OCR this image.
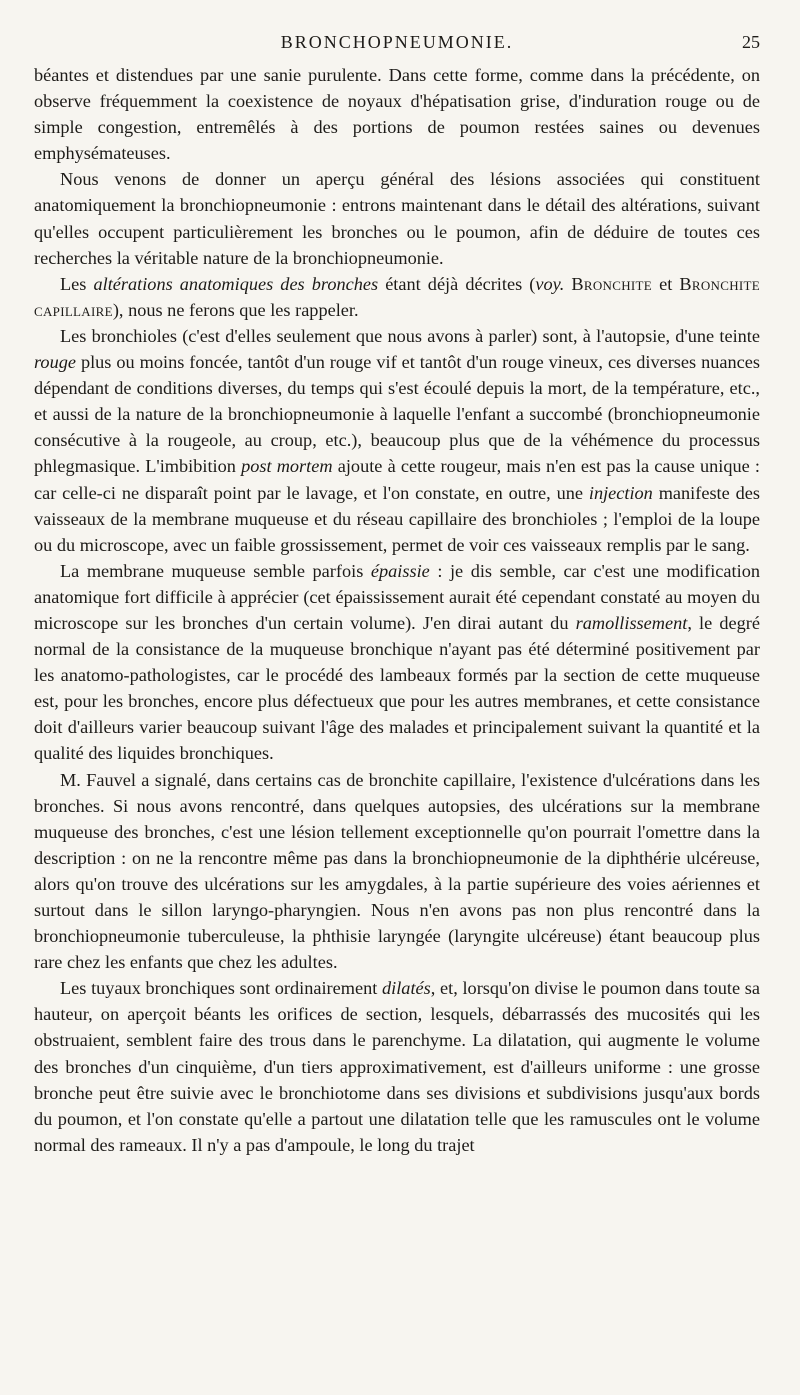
BRONCHOPNEUMONIE.	25

béantes et distendues par une sanie purulente. Dans cette forme, comme dans la précédente, on observe fréquemment la coexistence de noyaux d'hépatisation grise, d'induration rouge ou de simple congestion, entremêlés à des portions de poumon restées saines ou devenues emphysémateuses.

Nous venons de donner un aperçu général des lésions associées qui constituent anatomiquement la bronchiopneumonie : entrons maintenant dans le détail des altérations, suivant qu'elles occupent particulièrement les bronches ou le poumon, afin de déduire de toutes ces recherches la véritable nature de la bronchiopneumonie.

Les altérations anatomiques des bronches étant déjà décrites (voy. Bronchite et Bronchite capillaire), nous ne ferons que les rappeler.

Les bronchioles (c'est d'elles seulement que nous avons à parler) sont, à l'autopsie, d'une teinte rouge plus ou moins foncée, tantôt d'un rouge vif et tantôt d'un rouge vineux, ces diverses nuances dépendant de conditions diverses, du temps qui s'est écoulé depuis la mort, de la température, etc., et aussi de la nature de la bronchiopneumonie à laquelle l'enfant a succombé (bronchiopneumonie consécutive à la rougeole, au croup, etc.), beaucoup plus que de la véhémence du processus phlegmasique. L'imbibition post mortem ajoute à cette rougeur, mais n'en est pas la cause unique : car celle-ci ne disparaît point par le lavage, et l'on constate, en outre, une injection manifeste des vaisseaux de la membrane muqueuse et du réseau capillaire des bronchioles ; l'emploi de la loupe ou du microscope, avec un faible grossissement, permet de voir ces vaisseaux remplis par le sang.

La membrane muqueuse semble parfois épaissie : je dis semble, car c'est une modification anatomique fort difficile à apprécier (cet épaississement aurait été cependant constaté au moyen du microscope sur les bronches d'un certain volume). J'en dirai autant du ramollissement, le degré normal de la consistance de la muqueuse bronchique n'ayant pas été déterminé positivement par les anatomo-pathologistes, car le procédé des lambeaux formés par la section de cette muqueuse est, pour les bronches, encore plus défectueux que pour les autres membranes, et cette consistance doit d'ailleurs varier beaucoup suivant l'âge des malades et principalement suivant la quantité et la qualité des liquides bronchiques.

M. Fauvel a signalé, dans certains cas de bronchite capillaire, l'existence d'ulcérations dans les bronches. Si nous avons rencontré, dans quelques autopsies, des ulcérations sur la membrane muqueuse des bronches, c'est une lésion tellement exceptionnelle qu'on pourrait l'omettre dans la description : on ne la rencontre même pas dans la bronchiopneumonie de la diphthérie ulcéreuse, alors qu'on trouve des ulcérations sur les amygdales, à la partie supérieure des voies aériennes et surtout dans le sillon laryngo-pharyngien. Nous n'en avons pas non plus rencontré dans la bronchiopneumonie tuberculeuse, la phthisie laryngée (laryngite ulcéreuse) étant beaucoup plus rare chez les enfants que chez les adultes.

Les tuyaux bronchiques sont ordinairement dilatés, et, lorsqu'on divise le poumon dans toute sa hauteur, on aperçoit béants les orifices de section, lesquels, débarrassés des mucosités qui les obstruaient, semblent faire des trous dans le parenchyme. La dilatation, qui augmente le volume des bronches d'un cinquième, d'un tiers approximativement, est d'ailleurs uniforme : une grosse bronche peut être suivie avec le bronchiotome dans ses divisions et subdivisions jusqu'aux bords du poumon, et l'on constate qu'elle a partout une dilatation telle que les ramuscules ont le volume normal des rameaux. Il n'y a pas d'ampoule, le long du trajet
